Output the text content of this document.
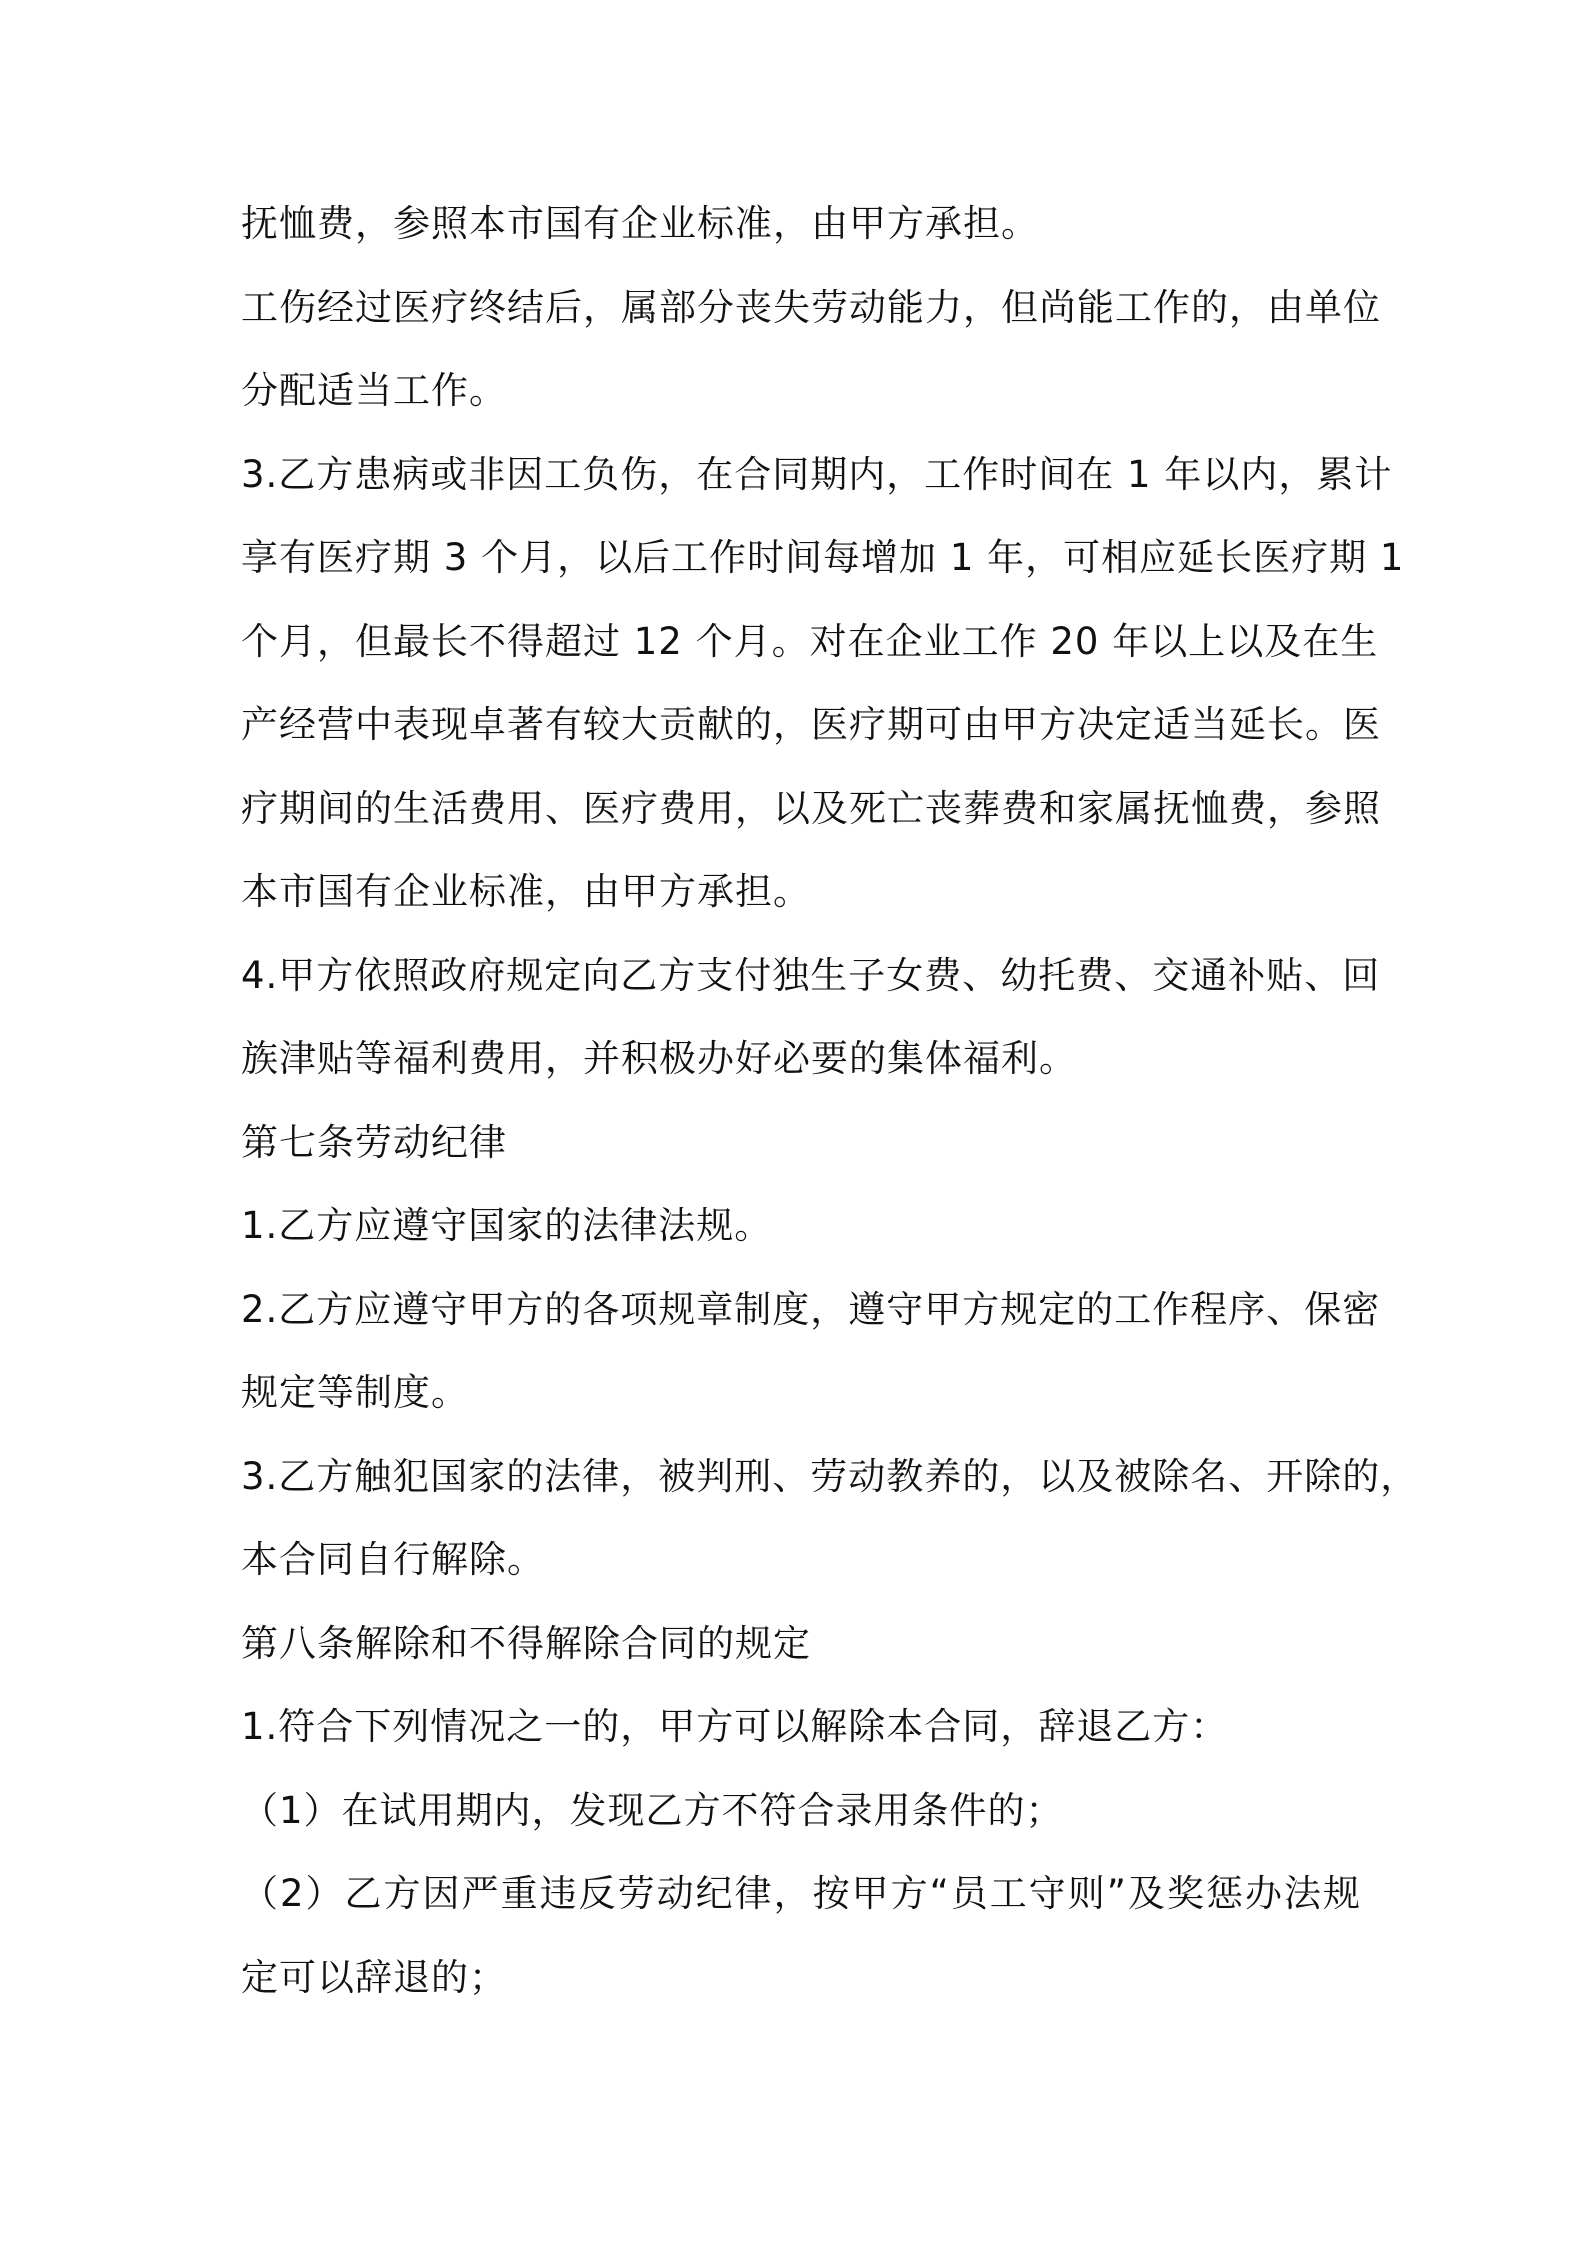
抚恤费，参照本市国有企业标准，由甲方承担。
工伤经过医疗终结后，属部分丧失劳动能力，但尚能工作的，由单位
分配适当工作。
3.乙方患病或非因工负伤，在合同期内，工作时间在 1 年以内，累计
享有医疗期 3 个月，以后工作时间每增加 1 年，可相应延长医疗期 1
个月，但最长不得超过 12 个月。对在企业工作 20 年以上以及在生
产经营中表现卓著有较大贡献的，医疗期可由甲方决定适当延长。医
疗期间的生活费用、医疗费用，以及死亡丧葬费和家属抚恤费，参照
本市国有企业标准，由甲方承担。
4.甲方依照政府规定向乙方支付独生子女费、幼托费、交通补贴、回
族津贴等福利费用，并积极办好必要的集体福利。
第七条劳动纪律
1.乙方应遵守国家的法律法规。
2.乙方应遵守甲方的各项规章制度，遵守甲方规定的工作程序、保密
规定等制度。
3.乙方触犯国家的法律，被判刑、劳动教养的，以及被除名、开除的，
本合同自行解除。
第八条解除和不得解除合同的规定
1.符合下列情况之一的，甲方可以解除本合同，辞退乙方：
（1）在试用期内，发现乙方不符合录用条件的；
（2）乙方因严重违反劳动纪律，按甲方“员工守则”及奖惩办法规
定可以辞退的；
